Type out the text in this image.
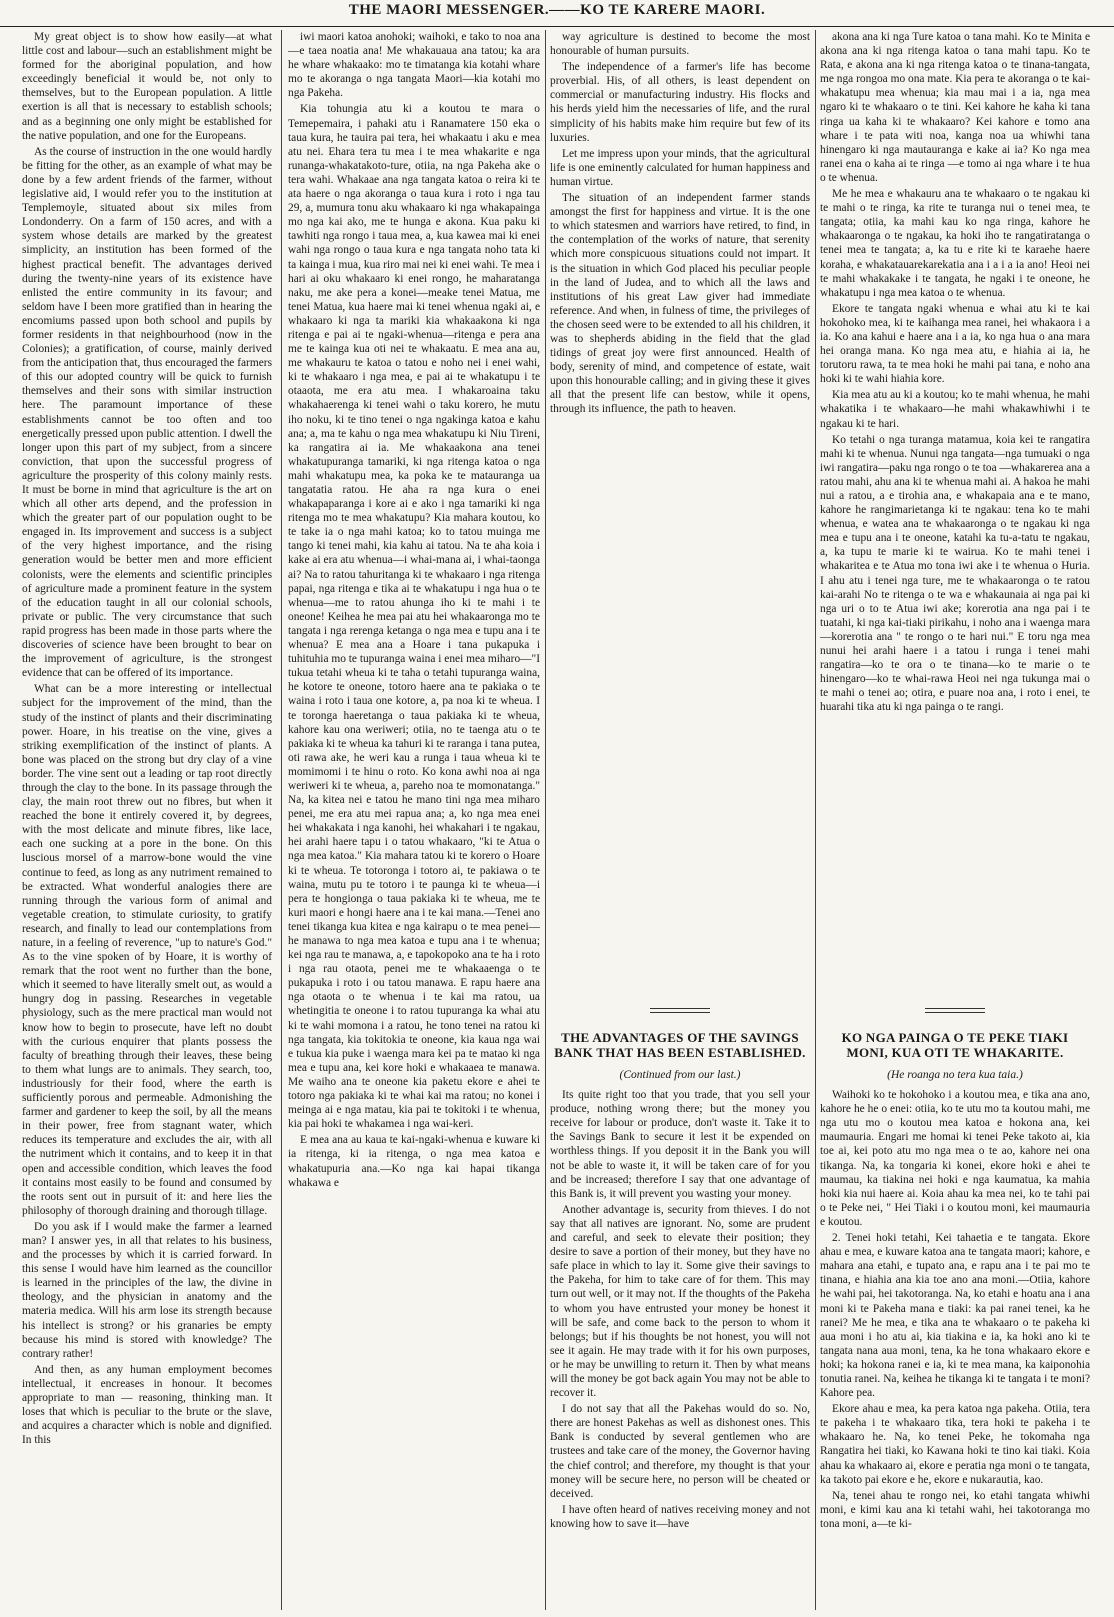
THE MAORI MESSENGER.——KO TE KARERE MAORI.

My great object is to show how easily—at what little cost and labour—such an establishment might be formed for the aboriginal population, and how exceedingly beneficial it would be, not only to themselves, but to the European population. A little exertion is all that is necessary to establish schools; and as a beginning one only might be established for the native population, and one for the Europeans.

As the course of instruction in the one would hardly be fitting for the other, as an example of what may be done by a few ardent friends of the farmer, without legislative aid, I would refer you to the institution at Templemoyle, situated about six miles from Londonderry. On a farm of 150 acres, and with a system whose details are marked by the greatest simplicity, an institution has been formed of the highest practical benefit. The advantages derived during the twenty-nine years of its existence have enlisted the entire community in its favour; and seldom have I been more gratified than in hearing the encomiums passed upon both school and pupils by former residents in that neighbourhood (now in the Colonies); a gratification, of course, mainly derived from the anticipation that, thus encouraged the farmers of this our adopted country will be quick to furnish themselves and their sons with similar instruction here. The paramount importance of these establishments cannot be too often and too energetically pressed upon public attention. I dwell the longer upon this part of my subject, from a sincere conviction, that upon the successful progress of agriculture the prosperity of this colony mainly rests. It must be borne in mind that agriculture is the art on which all other arts depend, and the profession in which the greater part of our population ought to be engaged in. Its improvement and success is a subject of the very highest importance, and the rising generation would be better men and more efficient colonists, were the elements and scientific principles of agriculture made a prominent feature in the system of the education taught in all our colonial schools, private or public. The very circumstance that such rapid progress has been made in those parts where the discoveries of science have been brought to bear on the improvement of agriculture, is the strongest evidence that can be offered of its importance.

What can be a more interesting or intellectual subject for the improvement of the mind, than the study of the instinct of plants and their discriminating power. Hoare, in his treatise on the vine, gives a striking exemplification of the instinct of plants. A bone was placed on the strong but dry clay of a vine border. The vine sent out a leading or tap root directly through the clay to the bone. In its passage through the clay, the main root threw out no fibres, but when it reached the bone it entirely covered it, by degrees, with the most delicate and minute fibres, like lace, each one sucking at a pore in the bone. On this luscious morsel of a marrow-bone would the vine continue to feed, as long as any nutriment remained to be extracted. What wonderful analogies there are running through the various form of animal and vegetable creation, to stimulate curiosity, to gratify research, and finally to lead our contemplations from nature, in a feeling of reverence, "up to nature's God." As to the vine spoken of by Hoare, it is worthy of remark that the root went no further than the bone, which it seemed to have literally smelt out, as would a hungry dog in passing. Researches in vegetable physiology, such as the mere practical man would not know how to begin to prosecute, have left no doubt with the curious enquirer that plants possess the faculty of breathing through their leaves, these being to them what lungs are to animals. They search, too, industriously for their food, where the earth is sufficiently porous and permeable. Admonishing the farmer and gardener to keep the soil, by all the means in their power, free from stagnant water, which reduces its temperature and excludes the air, with all the nutriment which it contains, and to keep it in that open and accessible condition, which leaves the food it contains most easily to be found and consumed by the roots sent out in pursuit of it: and here lies the philosophy of thorough draining and thorough tillage.

Do you ask if I would make the farmer a learned man? I answer yes, in all that relates to his business, and the processes by which it is carried forward. In this sense I would have him learned as the councillor is learned in the principles of the law, the divine in theology, and the physician in anatomy and the materia medica. Will his arm lose its strength because his intellect is strong? or his granaries be empty because his mind is stored with knowledge? The contrary rather!

And then, as any human employment becomes intellectual, it encreases in honour. It becomes appropriate to man — reasoning, thinking man. It loses that which is peculiar to the brute or the slave, and acquires a character which is noble and dignified. In this

iwi maori katoa anohoki; waihoki, e tako to noa ana—e taea noatia ana! Me whakauaua ana tatou; ka ara he whare whakaako: mo te timatanga kia kotahi whare mo te akoranga o nga tangata Maori—kia kotahi mo nga Pakeha.

Kia tohungia atu ki a koutou te mara o Temepemaira, i pahaki atu i Ranamatere 150 eka o taua kura, he tauira pai tera, hei whakaatu i aku e mea atu nei. Ehara tera tu mea i te mea whakarite e nga runanga-whakatakoto-ture, otiia, na nga Pakeha ake o tera wahi. Whakaae ana nga tangata katoa o reira ki te ata haere o nga akoranga o taua kura i roto i nga tau 29, a, mumura tonu aku whakaaro ki nga whakapainga mo nga kai ako, me te hunga e akona. Kua paku ki tawhiti nga rongo i taua mea, a, kua kawea mai ki enei wahi nga rongo o taua kura e nga tangata noho tata ki ta kainga i mua, kua riro mai nei ki enei wahi. Te mea i hari ai oku whakaaro ki enei rongo, he maharatanga naku, me ake pera a konei—meake tenei Matua, me tenei Matua, kua haere mai ki tenei whenua ngaki ai, e whakaaro ki nga ta mariki kia whakaakona ki nga ritenga e pai ai te ngaki-whenua—ritenga e pera ana me te kainga kua oti nei te whakaatu. E mea ana au, me whakauru te katoa o tatou e noho nei i enei wahi, ki te whakaaro i nga mea, e pai ai te whakatupu i te otaaota, me era atu mea. I whakaroaina taku whakahaerenga ki tenei wahi o taku korero, he mutu iho noku, ki te tino tenei o nga ngakinga katoa e kahu ana; a, ma te kahu o nga mea whakatupu ki Niu Tireni, ka rangatira ai ia. Me whakaakona ana tenei whakatupuranga tamariki, ki nga ritenga katoa o nga mahi whakatupu mea, ka poka ke te matauranga ua tangatatia ratou. He aha ra nga kura o enei whakapaparanga i kore ai e ako i nga tamariki ki nga ritenga mo te mea whakatupu? Kia mahara koutou, ko te take ia o nga mahi katoa; ko to tatou muinga me tango ki tenei mahi, kia kahu ai tatou. Na te aha koia i kake ai era atu whenua—i whai-mana ai, i whai-taonga ai? Na to ratou tahuritanga ki te whakaaro i nga ritenga papai, nga ritenga e tika ai te whakatupu i nga hua o te whenua—me to ratou ahunga iho ki te mahi i te oneone! Keihea he mea pai atu hei whakaaronga mo te tangata i nga rerenga ketanga o nga mea e tupu ana i te whenua? E mea ana a Hoare i tana pukapuka i tuhituhia mo te tupuranga waina i enei mea miharo—"I tukua tetahi wheua ki te taha o tetahi tupuranga waina, he kotore te oneone, totoro haere ana te pakiaka o te waina i roto i taua one kotore, a, pa noa ki te wheua. I te toronga haeretanga o taua pakiaka ki te wheua, kahore kau ona weriweri; otiia, no te taenga atu o te pakiaka ki te wheua ka tahuri ki te raranga i tana putea, oti rawa ake, he weri kau a runga i taua wheua ki te momimomi i te hinu o roto. Ko kona awhi noa ai nga weriweri ki te wheua, a, pareho noa te momonatanga." Na, ka kitea nei e tatou he mano tini nga mea miharo penei, me era atu mei rapua ana; a, ko nga mea enei hei whakakata i nga kanohi, hei whakahari i te ngakau, hei arahi haere tapu i o tatou whakaaro, "ki te Atua o nga mea katoa." Kia mahara tatou ki te korero o Hoare ki te wheua. Te totoronga i totoro ai, te pakiawa o te waina, mutu pu te totoro i te paunga ki te wheua—i pera te hongionga o taua pakiaka ki te wheua, me te kuri maori e hongi haere ana i te kai mana.—Tenei ano tenei tikanga kua kitea e nga kairapu o te mea penei—he manawa to nga mea katoa e tupu ana i te whenua; kei nga rau te manawa, a, e tapokopoko ana te ha i roto i nga rau otaota, penei me te whakaaenga o te pukapuka i roto i ou tatou manawa. E rapu haere ana nga otaota o te whenua i te kai ma ratou, ua whetingitia te oneone i to ratou tupuranga ka whai atu ki te wahi momona i a ratou, he tono tenei na ratou ki nga tangata, kia tokitokia te oneone, kia kaua nga wai e tukua kia puke i waenga mara kei pa te matao ki nga mea e tupu ana, kei kore hoki e whakaaea te manawa. Me waiho ana te oneone kia paketu ekore e ahei te totoro nga pakiaka ki te whai kai ma ratou; no konei i meinga ai e nga matau, kia pai te tokitoki i te whenua, kia pai hoki te whakamea i nga wai-keri.

E mea ana au kaua te kai-ngaki-whenua e kuware ki ia ritenga, ki ia ritenga, o nga mea katoa e whakatupuria ana.—Ko nga kai hapai tikanga whakawa e

way agriculture is destined to become the most honourable of human pursuits.

The independence of a farmer's life has become proverbial. His, of all others, is least dependent on commercial or manufacturing industry. His flocks and his herds yield him the necessaries of life, and the rural simplicity of his habits make him require but few of its luxuries.

Let me impress upon your minds, that the agricultural life is one eminently calculated for human happiness and human virtue.

The situation of an independent farmer stands amongst the first for happiness and virtue. It is the one to which statesmen and warriors have retired, to find, in the contemplation of the works of nature, that serenity which more conspicuous situations could not impart. It is the situation in which God placed his peculiar people in the land of Judea, and to which all the laws and institutions of his great Law giver had immediate reference. And when, in fulness of time, the privileges of the chosen seed were to be extended to all his children, it was to shepherds abiding in the field that the glad tidings of great joy were first announced. Health of body, serenity of mind, and competence of estate, wait upon this honourable calling; and in giving these it gives all that the present life can bestow, while it opens, through its influence, the path to heaven.

THE ADVANTAGES OF THE SAVINGS BANK THAT HAS BEEN ESTABLISHED.
(Continued from our last.)

Its quite right too that you trade, that you sell your produce, nothing wrong there; but the money you receive for labour or produce, don't waste it. Take it to the Savings Bank to secure it lest it be expended on worthless things. If you deposit it in the Bank you will not be able to waste it, it will be taken care of for you and be increased; therefore I say that one advantage of this Bank is, it will prevent you wasting your money.

Another advantage is, security from thieves. I do not say that all natives are ignorant. No, some are prudent and careful, and seek to elevate their position; they desire to save a portion of their money, but they have no safe place in which to lay it. Some give their savings to the Pakeha, for him to take care of for them. This may turn out well, or it may not. If the thoughts of the Pakeha to whom you have entrusted your money be honest it will be safe, and come back to the person to whom it belongs; but if his thoughts be not honest, you will not see it again. He may trade with it for his own purposes, or he may be unwilling to return it. Then by what means will the money be got back again You may not be able to recover it.

I do not say that all the Pakehas would do so. No, there are honest Pakehas as well as dishonest ones. This Bank is conducted by several gentlemen who are trustees and take care of the money, the Governor having the chief control; and therefore, my thought is that your money will be secure here, no person will be cheated or deceived.

I have often heard of natives receiving money and not knowing how to save it—have

akona ana ki nga Ture katoa o tana mahi. Ko te Minita e akona ana ki nga ritenga katoa o tana mahi tapu. Ko te Rata, e akona ana ki nga ritenga katoa o te tinana-tangata, me nga rongoa mo ona mate. Kia pera te akoranga o te kai-whakatupu mea whenua; kia mau mai i a ia, nga mea ngaro ki te whakaaro o te tini. Kei kahore he kaha ki tana ringa ua kaha ki te whakaaro? Kei kahore e tomo ana whare i te pata witi noa, kanga noa ua whiwhi tana hinengaro ki nga mautauranga e kake ai ia? Ko nga mea ranei ena o kaha ai te ringa —e tomo ai nga whare i te hua o te whenua.

Me he mea e whakauru ana te whakaaro o te ngakau ki te mahi o te ringa, ka rite te turanga nui o tenei mea, te tangata; otiia, ka mahi kau ko nga ringa, kahore he whakaaronga o te ngakau, ka hoki iho te rangatiratanga o tenei mea te tangata; a, ka tu e rite ki te karaehe haere koraha, e whakatauarekarekatia ana i a i a ia ano! Heoi nei te mahi whakakake i te tangata, he ngaki i te oneone, he whakatupu i nga mea katoa o te whenua.

Ekore te tangata ngaki whenua e whai atu ki te kai hokohoko mea, ki te kaihanga mea ranei, hei whakaora i a ia. Ko ana kahui e haere ana i a ia, ko nga hua o ana mara hei oranga mana. Ko nga mea atu, e hiahia ai ia, he torutoru rawa, ta te mea hoki he mahi pai tana, e noho ana hoki ki te wahi hiahia kore.

Kia mea atu au ki a koutou; ko te mahi whenua, he mahi whakatika i te whakaaro—he mahi whakawhiwhi i te ngakau ki te hari.

Ko tetahi o nga turanga matamua, koia kei te rangatira mahi ki te whenua. Nunui nga tangata—nga tumuaki o nga iwi rangatira—paku nga rongo o te toa —whakarerea ana a ratou mahi, ahu ana ki te whenua mahi ai. A hakoa he mahi nui a ratou, a e tirohia ana, e whakapaia ana e te mano, kahore he rangimarietanga ki te ngakau: tena ko te mahi whenua, e watea ana te whakaaronga o te ngakau ki nga mea e tupu ana i te oneone, katahi ka tu-a-tatu te ngakau, a, ka tupu te marie ki te wairua. Ko te mahi tenei i whakaritea e te Atua mo tona iwi ake i te whenua o Huria. I ahu atu i tenei nga ture, me te whakaaronga o te ratou kai-arahi No te ritenga o te wa e whakaunaia ai nga pai ki nga uri o to te Atua iwi ake; korerotia ana nga pai i te tuatahi, ki nga kai-tiaki pirikahu, i noho ana i waenga mara—korerotia ana " te rongo o te hari nui." E toru nga mea nunui hei arahi haere i a tatou i runga i tenei mahi rangatira—ko te ora o te tinana—ko te marie o te hinengaro—ko te whai-rawa Heoi nei nga tukunga mai o te mahi o tenei ao; otira, e puare noa ana, i roto i enei, te huarahi tika atu ki nga painga o te rangi.

KO NGA PAINGA O TE PEKE TIAKI MONI, KUA OTI TE WHAKARITE.
(He roanga no tera kua taia.)

Waihoki ko te hokohoko i a koutou mea, e tika ana ano, kahore he he o enei: otiia, ko te utu mo ta koutou mahi, me nga utu mo o koutou mea katoa e hokona ana, kei maumauria. Engari me homai ki tenei Peke takoto ai, kia toe ai, kei poto atu mo nga mea o te ao, kahore nei ona tikanga. Na, ka tongaria ki konei, ekore hoki e ahei te maumau, ka tiakina nei hoki e nga kaumatua, ka mahia hoki kia nui haere ai. Koia ahau ka mea nei, ko te tahi pai o te Peke nei, " Hei Tiaki i o koutou moni, kei maumauria e koutou.

2. Tenei hoki tetahi, Kei tahaetia e te tangata. Ekore ahau e mea, e kuware katoa ana te tangata maori; kahore, e mahara ana etahi, e tupato ana, e rapu ana i te pai mo te tinana, e hiahia ana kia toe ano ana moni.—Otiia, kahore he wahi pai, hei takotoranga. Na, ko etahi e hoatu ana i ana moni ki te Pakeha mana e tiaki: ka pai ranei tenei, ka he ranei? Me he mea, e tika ana te whakaaro o te pakeha ki aua moni i ho atu ai, kia tiakina e ia, ka hoki ano ki te tangata nana aua moni, tena, ka he tona whakaaro ekore e hoki; ka hokona ranei e ia, ki te mea mana, ka kaiponohia tonutia ranei. Na, keihea he tikanga ki te tangata i te moni? Kahore pea.

Ekore ahau e mea, ka pera katoa nga pakeha. Otiia, tera te pakeha i te whakaaro tika, tera hoki te pakeha i te whakaaro he. Na, ko tenei Peke, he tokomaha nga Rangatira hei tiaki, ko Kawana hoki te tino kai tiaki. Koia ahau ka whakaaro ai, ekore e peratia nga moni o te tangata, ka takoto pai ekore e he, ekore e nukarautia, kao.

Na, tenei ahau te rongo nei, ko etahi tangata whiwhi moni, e kimi kau ana ki tetahi wahi, hei takotoranga mo tona moni, a—te ki-
